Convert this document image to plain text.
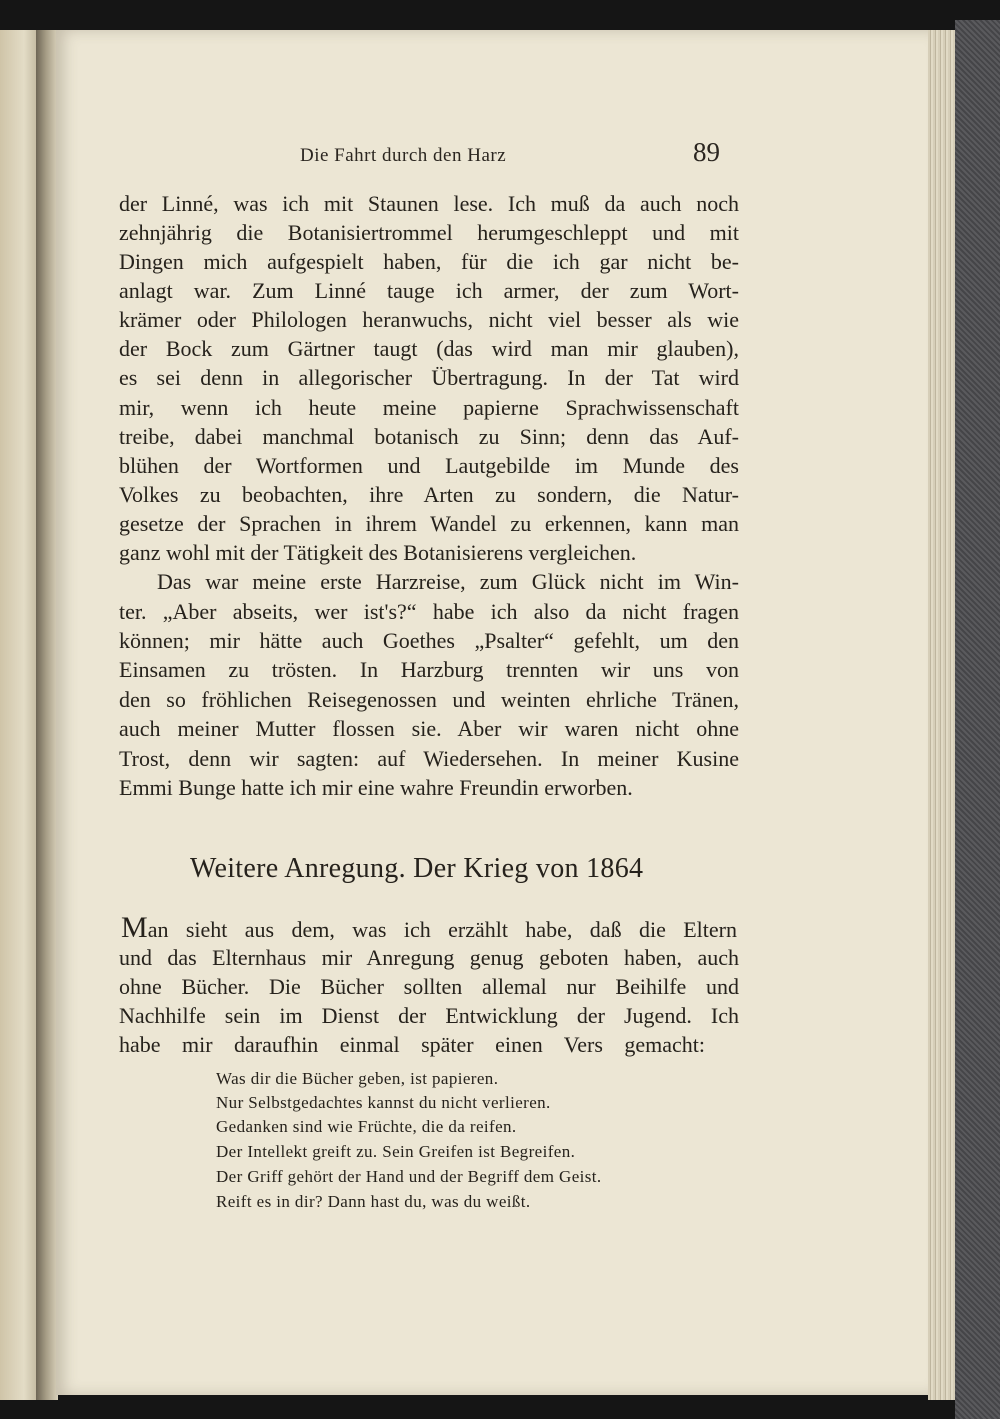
Die Fahrt durch den Harz	89
der Linné, was ich mit Staunen lese. Ich muß da auch noch
zehnjährig die Botanisiertrommel herumgeschleppt und mit
Dingen mich aufgespielt haben, für die ich gar nicht be-
anlagt war. Zum Linné tauge ich armer, der zum Wort-
krämer oder Philologen heranwuchs, nicht viel besser als wie
der Bock zum Gärtner taugt (das wird man mir glauben),
es sei denn in allegorischer Übertragung. In der Tat wird
mir, wenn ich heute meine papierne Sprachwissenschaft
treibe, dabei manchmal botanisch zu Sinn; denn das Auf-
blühen der Wortformen und Lautgebilde im Munde des
Volkes zu beobachten, ihre Arten zu sondern, die Natur-
gesetze der Sprachen in ihrem Wandel zu erkennen, kann man
ganz wohl mit der Tätigkeit des Botanisierens vergleichen.
Das war meine erste Harzreise, zum Glück nicht im Win-
ter. „Aber abseits, wer ist's?“ habe ich also da nicht fragen
können; mir hätte auch Goethes „Psalter“ gefehlt, um den
Einsamen zu trösten. In Harzburg trennten wir uns von
den so fröhlichen Reisegenossen und weinten ehrliche Tränen,
auch meiner Mutter flossen sie. Aber wir waren nicht ohne
Trost, denn wir sagten: auf Wiedersehen. In meiner Kusine
Emmi Bunge hatte ich mir eine wahre Freundin erworben.
Weitere Anregung. Der Krieg von 1864
Man sieht aus dem, was ich erzählt habe, daß die Eltern
und das Elternhaus mir Anregung genug geboten haben, auch
ohne Bücher. Die Bücher sollten allemal nur Beihilfe und
Nachhilfe sein im Dienst der Entwicklung der Jugend. Ich
habe mir daraufhin einmal später einen Vers gemacht:
Was dir die Bücher geben, ist papieren.
Nur Selbstgedachtes kannst du nicht verlieren.
Gedanken sind wie Früchte, die da reifen.
Der Intellekt greift zu. Sein Greifen ist Begreifen.
Der Griff gehört der Hand und der Begriff dem Geist.
Reift es in dir? Dann hast du, was du weißt.
